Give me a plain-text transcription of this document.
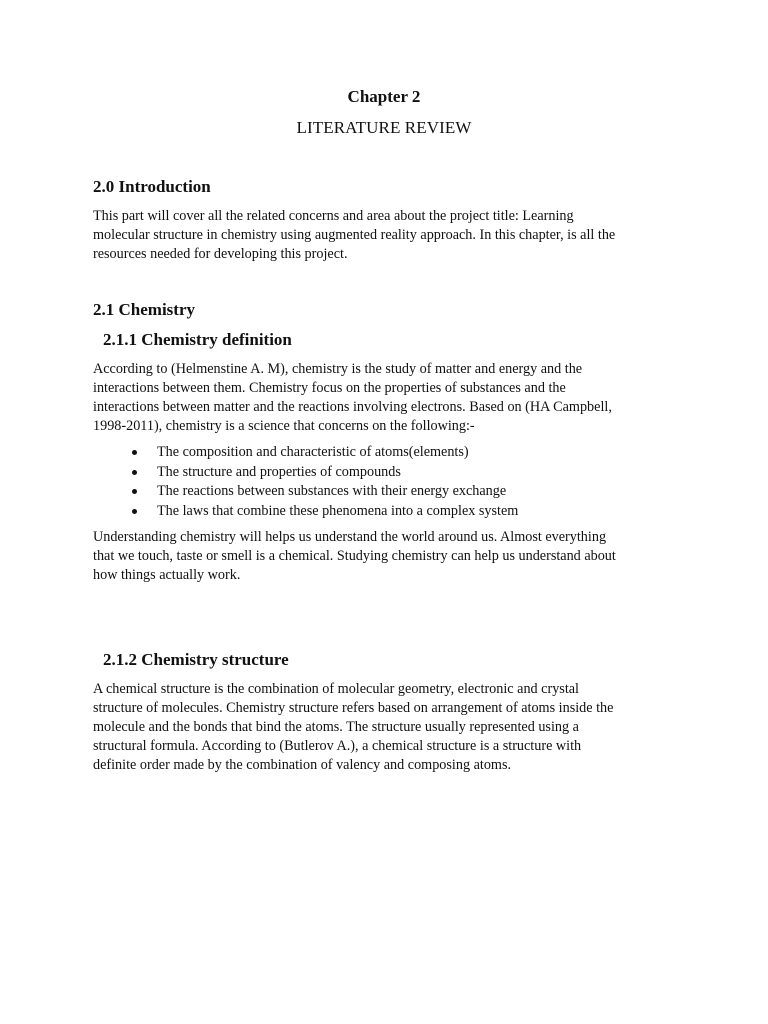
Chapter 2
LITERATURE REVIEW
2.0 Introduction

This part will cover all the related concerns and area about the project title: Learning
molecular structure in chemistry using augmented reality approach. In this chapter, is all the
resources needed for developing this project.

2.1 Chemistry
2.1.1 Chemistry definition

According to (Helmenstine A. M), chemistry is the study of matter and energy and the
interactions between them. Chemistry focus on the properties of substances and the
interactions between matter and the reactions involving electrons. Based on (HA Campbell,
1998-2011), chemistry is a science that concerns on the following:-

The composition and characteristic of atoms(elements)
The structure and properties of compounds
The reactions between substances with their energy exchange
The laws that combine these phenomena into a complex system

Understanding chemistry will helps us understand the world around us. Almost everything
that we touch, taste or smell is a chemical. Studying chemistry can help us understand about
how things actually work.

2.1.2 Chemistry structure

A chemical structure is the combination of molecular geometry, electronic and crystal
structure of molecules. Chemistry structure refers based on arrangement of atoms inside the
molecule and the bonds that bind the atoms. The structure usually represented using a
structural formula. According to (Butlerov A.), a chemical structure is a structure with
definite order made by the combination of valency and composing atoms.
